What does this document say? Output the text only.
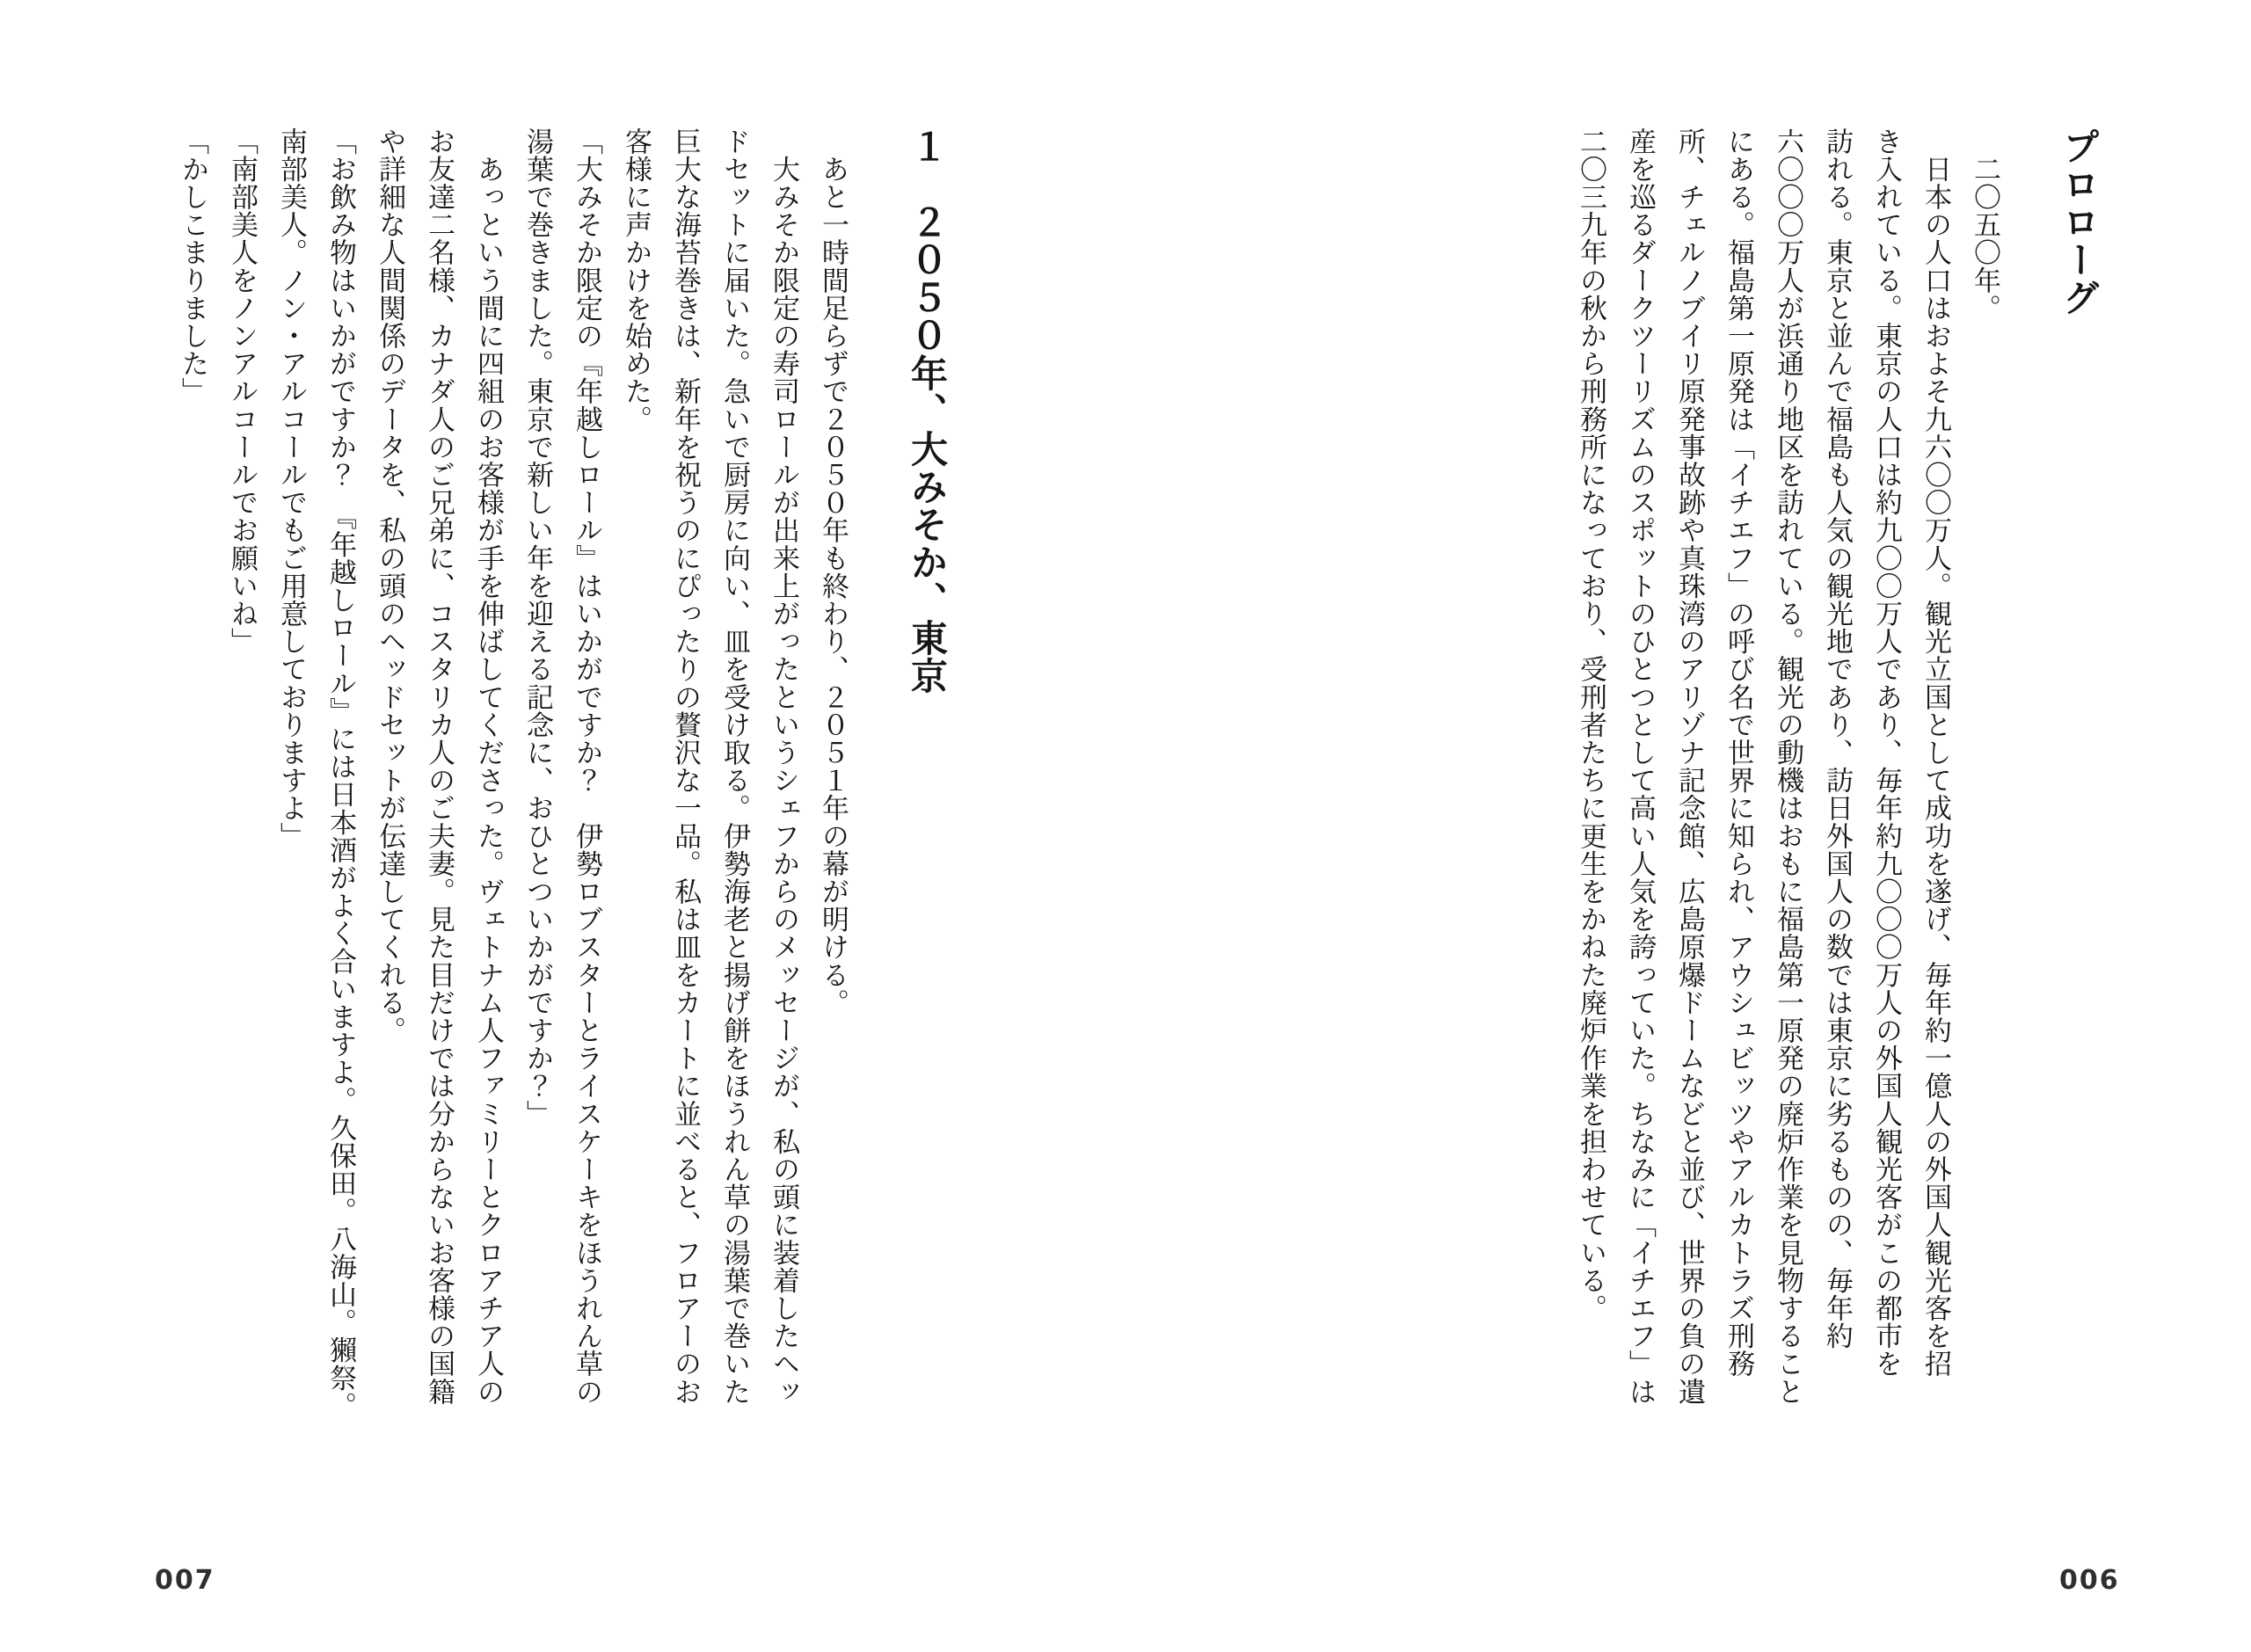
プロローグ
　二〇五〇年。
　日本の人口はおよそ九六〇〇万人。観光立国として成功を遂げ、毎年約一億人の外国人観光客を招
き入れている。東京の人口は約九〇〇万人であり、毎年約九〇〇〇万人の外国人観光客がこの都市を
訪れる。東京と並んで福島も人気の観光地であり、訪日外国人の数では東京に劣るものの、毎年約
六〇〇〇万人が浜通り地区を訪れている。観光の動機はおもに福島第一原発の廃炉作業を見物すること
にある。福島第一原発は「イチエフ」の呼び名で世界に知られ、アウシュビッツやアルカトラズ刑務
所、チェルノブイリ原発事故跡や真珠湾のアリゾナ記念館、広島原爆ドームなどと並び、世界の負の遺
産を巡るダークツーリズムのスポットのひとつとして高い人気を誇っていた。ちなみに「イチエフ」は
二〇三九年の秋から刑務所になっており、受刑者たちに更生をかねた廃炉作業を担わせている。
006
１　２０５０年、大みそか、東京
　あと一時間足らずで２０５０年も終わり、２０５１年の幕が明ける。
　大みそか限定の寿司ロールが出来上がったというシェフからのメッセージが、私の頭に装着したヘッ
ドセットに届いた。急いで厨房に向い、皿を受け取る。伊勢海老と揚げ餅をほうれん草の湯葉で巻いた
巨大な海苔巻きは、新年を祝うのにぴったりの贅沢な一品。私は皿をカートに並べると、フロアーのお
客様に声かけを始めた。
「大みそか限定の『年越しロール』はいかがですか？　伊勢ロブスターとライスケーキをほうれん草の
湯葉で巻きました。東京で新しい年を迎える記念に、おひとついかがですか？」
　あっという間に四組のお客様が手を伸ばしてくださった。ヴェトナム人ファミリーとクロアチア人の
お友達二名様、カナダ人のご兄弟に、コスタリカ人のご夫妻。見た目だけでは分からないお客様の国籍
や詳細な人間関係のデータを、私の頭のヘッドセットが伝達してくれる。
「お飲み物はいかがですか？　『年越しロール』には日本酒がよく合いますよ。久保田。八海山。獺祭。
南部美人。ノン・アルコールでもご用意しておりますよ」
「南部美人をノンアルコールでお願いね」
「かしこまりました」
007
